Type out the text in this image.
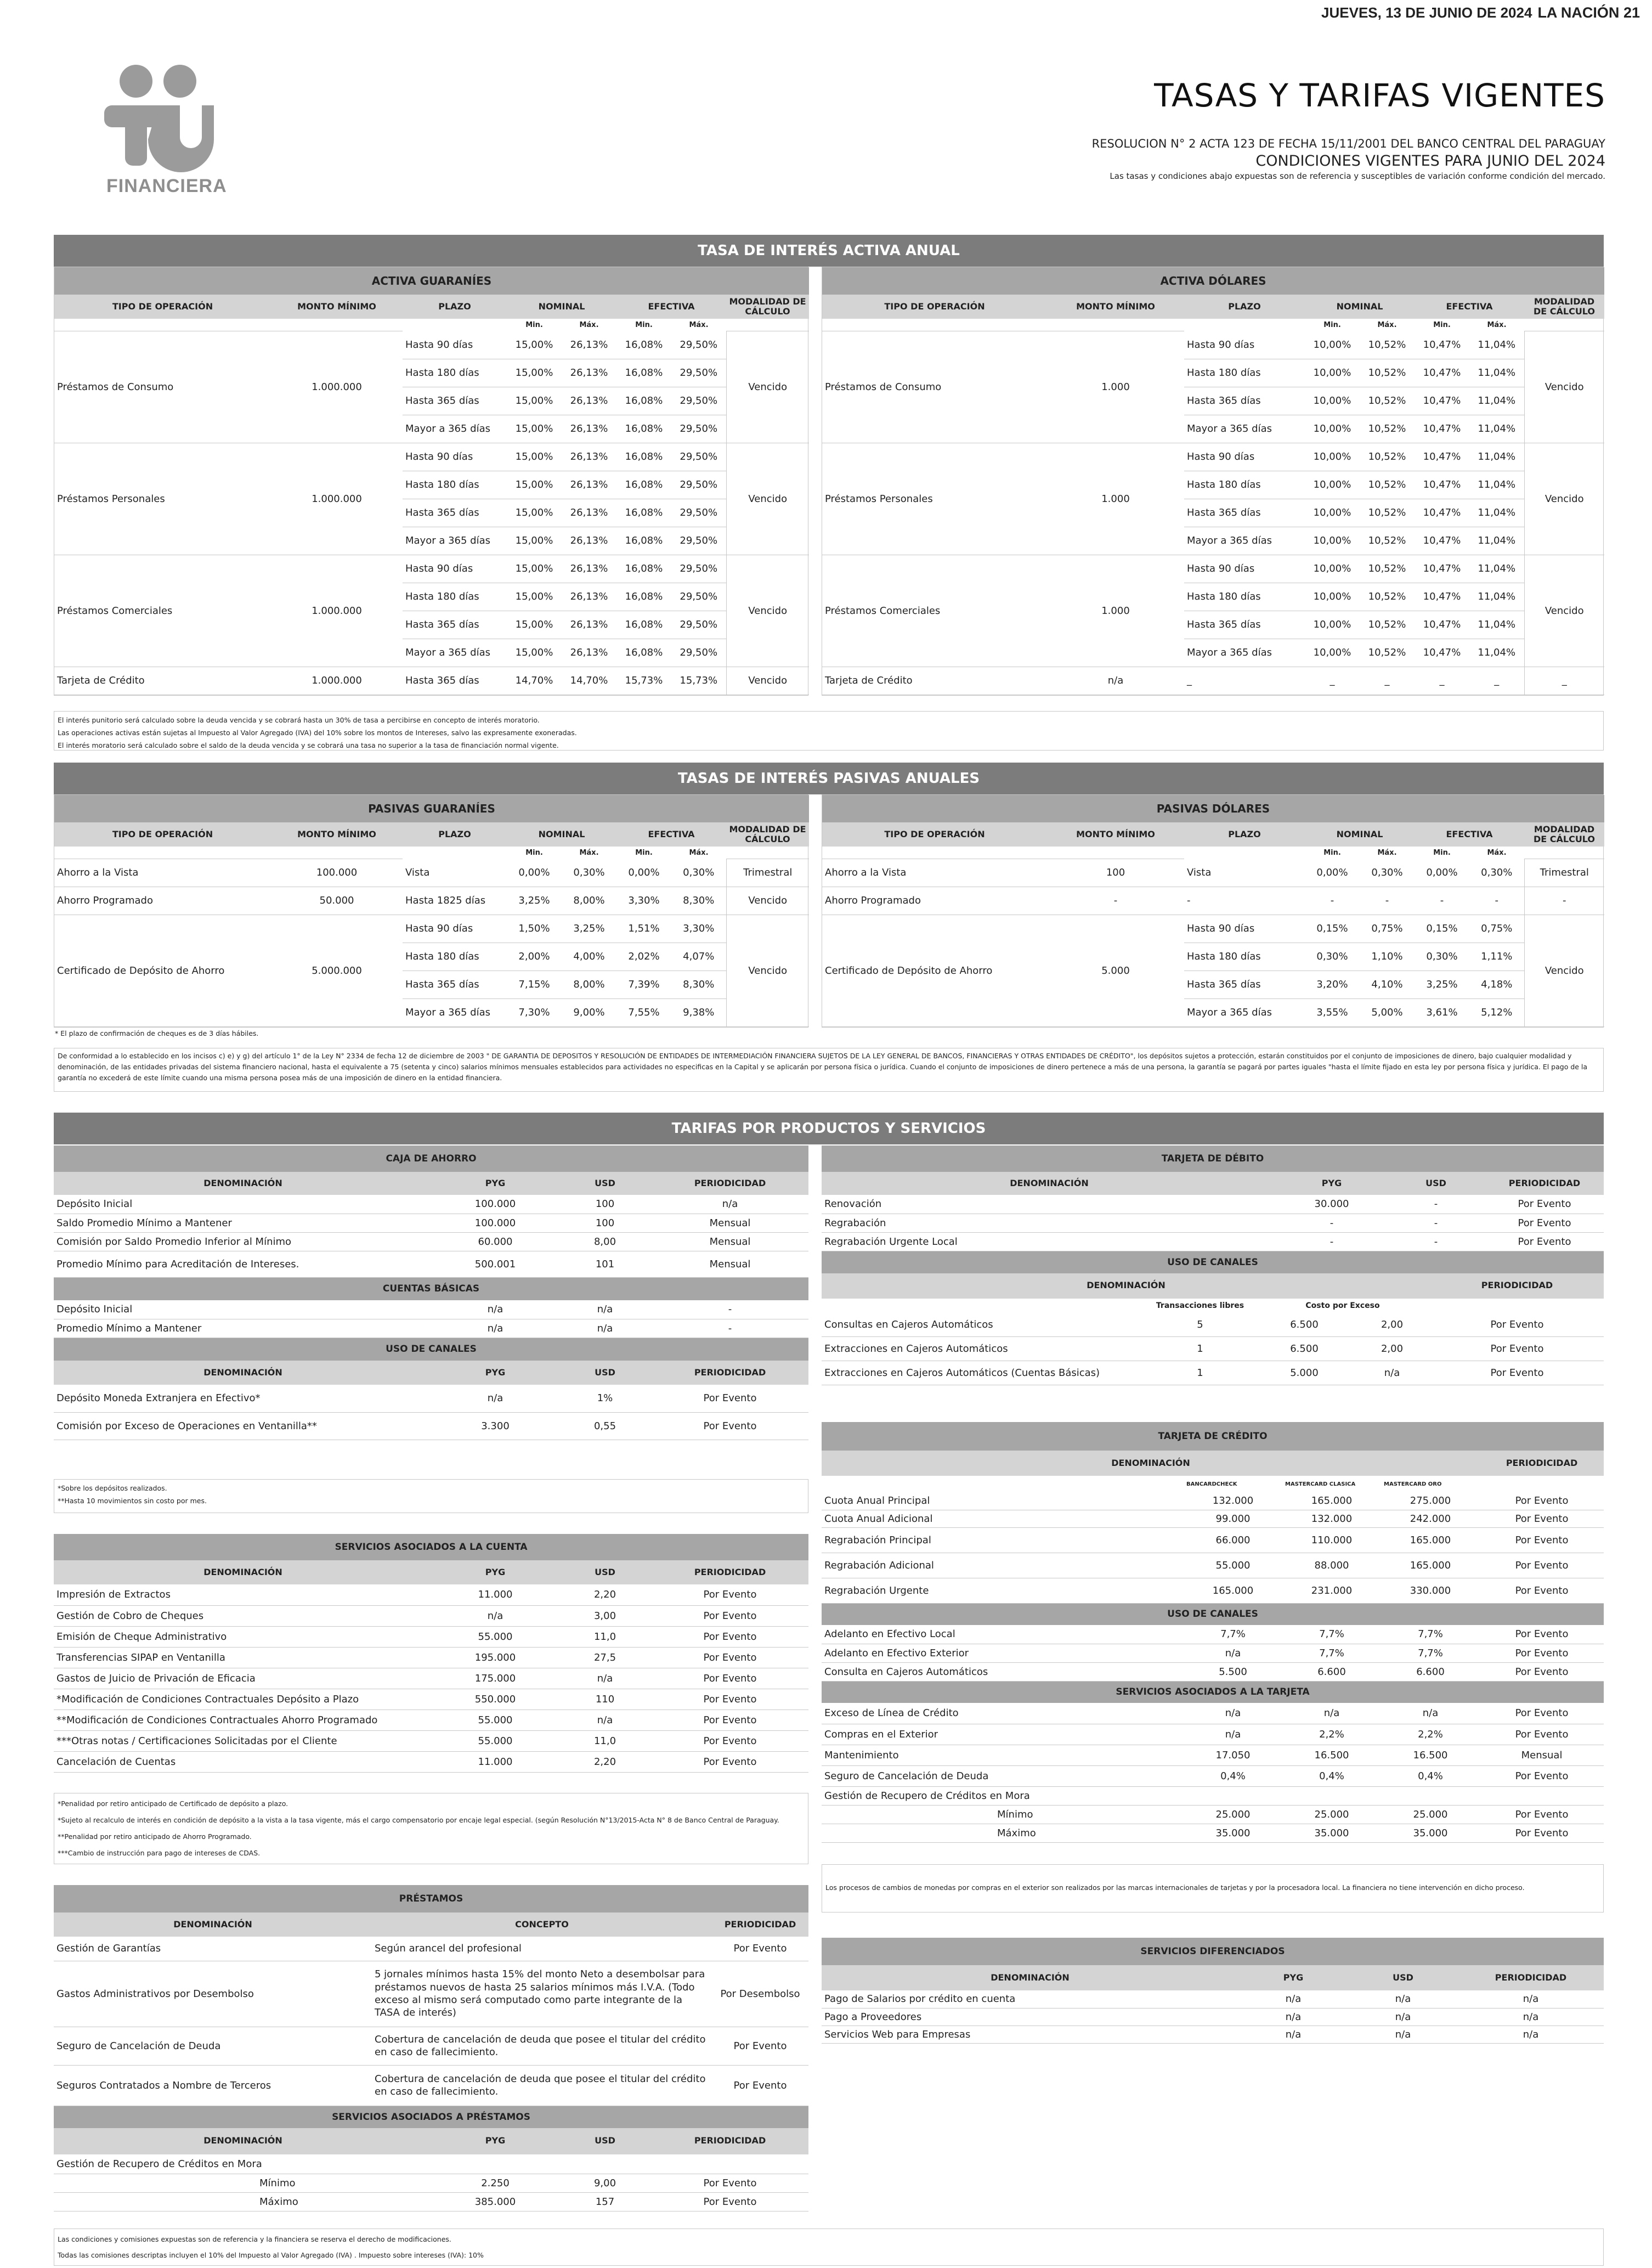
JUEVES, 13 DE JUNIO DE 2024 LA NACIÓN 21
FINANCIERA
TASAS Y TARIFAS VIGENTES
RESOLUCION N° 2 ACTA 123 DE FECHA 15/11/2001 DEL BANCO CENTRAL DEL PARAGUAY
CONDICIONES VIGENTES PARA JUNIO DEL 2024
Las tasas y condiciones abajo expuestas son de referencia y susceptibles de variación conforme condición del mercado.
TASA DE INTERÉS ACTIVA ANUAL
ACTIVA GUARANÍES							
TIPO DE OPERACIÓN	MONTO MÍNIMO	PLAZO	NOMINAL		EFECTIVA		MODALIDAD DE CÁLCULO
			Min.	Máx.	Min.	Máx.	
Préstamos de Consumo	1.000.000	Hasta 90 días	15,00%	26,13%	16,08%	29,50%	Vencido
		Hasta 180 días	15,00%	26,13%	16,08%	29,50%	
		Hasta 365 días	15,00%	26,13%	16,08%	29,50%	
		Mayor a 365 días	15,00%	26,13%	16,08%	29,50%	
Préstamos Personales	1.000.000	Hasta 90 días	15,00%	26,13%	16,08%	29,50%	Vencido
		Hasta 180 días	15,00%	26,13%	16,08%	29,50%	
		Hasta 365 días	15,00%	26,13%	16,08%	29,50%	
		Mayor a 365 días	15,00%	26,13%	16,08%	29,50%	
Préstamos Comerciales	1.000.000	Hasta 90 días	15,00%	26,13%	16,08%	29,50%	Vencido
		Hasta 180 días	15,00%	26,13%	16,08%	29,50%	
		Hasta 365 días	15,00%	26,13%	16,08%	29,50%	
		Mayor a 365 días	15,00%	26,13%	16,08%	29,50%	
Tarjeta de Crédito	1.000.000	Hasta 365 días	14,70%	14,70%	15,73%	15,73%	Vencido
ACTIVA DÓLARES							
TIPO DE OPERACIÓN	MONTO MÍNIMO	PLAZO	NOMINAL		EFECTIVA		MODALIDAD DE CÁLCULO
			Min.	Máx.	Min.	Máx.	
Préstamos de Consumo	1.000	Hasta 90 días	10,00%	10,52%	10,47%	11,04%	Vencido
		Hasta 180 días	10,00%	10,52%	10,47%	11,04%	
		Hasta 365 días	10,00%	10,52%	10,47%	11,04%	
		Mayor a 365 días	10,00%	10,52%	10,47%	11,04%	
Préstamos Personales	1.000	Hasta 90 días	10,00%	10,52%	10,47%	11,04%	Vencido
		Hasta 180 días	10,00%	10,52%	10,47%	11,04%	
		Hasta 365 días	10,00%	10,52%	10,47%	11,04%	
		Mayor a 365 días	10,00%	10,52%	10,47%	11,04%	
Préstamos Comerciales	1.000	Hasta 90 días	10,00%	10,52%	10,47%	11,04%	Vencido
		Hasta 180 días	10,00%	10,52%	10,47%	11,04%	
		Hasta 365 días	10,00%	10,52%	10,47%	11,04%	
		Mayor a 365 días	10,00%	10,52%	10,47%	11,04%	
Tarjeta de Crédito	n/a	_	_	_	_	_	_
El interés punitorio será calculado sobre la deuda vencida y se cobrará hasta un 30% de tasa a percibirse en concepto de interés moratorio.
Las operaciones activas están sujetas al Impuesto al Valor Agregado (IVA) del 10% sobre los montos de Intereses, salvo las expresamente exoneradas.
El interés moratorio será calculado sobre el saldo de la deuda vencida y se cobrará una tasa no superior a la tasa de financiación normal vigente.
TASAS DE INTERÉS PASIVAS ANUALES
PASIVAS GUARANÍES							
TIPO DE OPERACIÓN	MONTO MÍNIMO	PLAZO	NOMINAL		EFECTIVA		MODALIDAD DE CÁLCULO
			Min.	Máx.	Min.	Máx.	
Ahorro a la Vista	100.000	Vista	0,00%	0,30%	0,00%	0,30%	Trimestral
Ahorro Programado	50.000	Hasta 1825 días	3,25%	8,00%	3,30%	8,30%	Vencido
Certificado de Depósito de Ahorro	5.000.000	Hasta 90 días	1,50%	3,25%	1,51%	3,30%	Vencido
		Hasta 180 días	2,00%	4,00%	2,02%	4,07%	
		Hasta 365 días	7,15%	8,00%	7,39%	8,30%	
		Mayor a 365 días	7,30%	9,00%	7,55%	9,38%	
PASIVAS DÓLARES							
TIPO DE OPERACIÓN	MONTO MÍNIMO	PLAZO	NOMINAL		EFECTIVA		MODALIDAD DE CÁLCULO
			Min.	Máx.	Min.	Máx.	
Ahorro a la Vista	100	Vista	0,00%	0,30%	0,00%	0,30%	Trimestral
Ahorro Programado	-	-	-	-	-	-	-
Certificado de Depósito de Ahorro	5.000	Hasta 90 días	0,15%	0,75%	0,15%	0,75%	Vencido
		Hasta 180 días	0,30%	1,10%	0,30%	1,11%	
		Hasta 365 días	3,20%	4,10%	3,25%	4,18%	
		Mayor a 365 días	3,55%	5,00%	3,61%	5,12%	
* El plazo de confirmación de cheques es de 3 días hábiles.
De conformidad a lo establecido en los incisos c) e) y g) del artículo 1° de la Ley N° 2334 de fecha 12 de diciembre de 2003 " DE GARANTIA DE DEPOSITOS Y RESOLUCIÓN DE ENTIDADES DE INTERMEDIACIÓN FINANCIERA SUJETOS DE LA LEY GENERAL DE BANCOS, FINANCIERAS Y OTRAS ENTIDADES DE CRÉDITO", los depósitos sujetos a protección, estarán constituidos por el conjunto de imposiciones de dinero, bajo cualquier modalidad y denominación, de las entidades privadas del sistema financiero nacional, hasta el equivalente a 75 (setenta y cinco) salarios mínimos mensuales establecidos para actividades no especificas en la Capital y se aplicarán por persona física o jurídica. Cuando el conjunto de imposiciones de dinero pertenece a más de una persona, la garantía se pagará por partes iguales "hasta el límite fijado en esta ley por persona física y jurídica. El pago de la garantía no excederá de este límite cuando una misma persona posea más de una imposición de dinero en la entidad financiera.
TARIFAS POR PRODUCTOS Y SERVICIOS
CAJA DE AHORRO			
DENOMINACIÓN	PYG	USD	PERIODICIDAD
Depósito Inicial	100.000	100	n/a
Saldo Promedio Mínimo a Mantener	100.000	100	Mensual
Comisión por Saldo Promedio Inferior al Mínimo	60.000	8,00	Mensual
Promedio Mínimo para Acreditación de Intereses.	500.001	101	Mensual
CUENTAS BÁSICAS			
Depósito Inicial	n/a	n/a	-
Promedio Mínimo a Mantener	n/a	n/a	-
USO DE CANALES			
DENOMINACIÓN	PYG	USD	PERIODICIDAD
Depósito Moneda Extranjera en Efectivo*	n/a	1%	Por Evento
Comisión por Exceso de Operaciones en Ventanilla**	3.300	0,55	Por Evento
*Sobre los depósitos realizados.
**Hasta 10 movimientos sin costo por mes.
SERVICIOS ASOCIADOS A LA CUENTA			
DENOMINACIÓN	PYG	USD	PERIODICIDAD
Impresión de Extractos	11.000	2,20	Por Evento
Gestión de Cobro de Cheques	n/a	3,00	Por Evento
Emisión de Cheque Administrativo	55.000	11,0	Por Evento
Transferencias SIPAP en Ventanilla	195.000	27,5	Por Evento
Gastos de Juicio de Privación de Eficacia	175.000	n/a	Por Evento
*Modificación de Condiciones Contractuales Depósito a Plazo	550.000	110	Por Evento
**Modificación de Condiciones Contractuales Ahorro Programado	55.000	n/a	Por Evento
***Otras notas / Certificaciones Solicitadas por el Cliente	55.000	11,0	Por Evento
Cancelación de Cuentas	11.000	2,20	Por Evento
*Penalidad por retiro anticipado de Certificado de depósito a plazo.
*Sujeto al recalculo de interés en condición de depósito a la vista a la tasa vigente, más el cargo compensatorio por encaje legal especial. (según Resolución N°13/2015-Acta N° 8 de Banco Central de Paraguay.
**Penalidad por retiro anticipado de Ahorro Programado.
***Cambio de instrucción para pago de intereses de CDAS.
PRÉSTAMOS		
DENOMINACIÓN	CONCEPTO	PERIODICIDAD
Gestión de Garantías	Según arancel del profesional	Por Evento
Gastos Administrativos por Desembolso	5 jornales mínimos hasta 15% del monto Neto a desembolsar para préstamos nuevos de hasta 25 salarios mínimos más I.V.A. (Todo exceso al mismo será computado como parte integrante de la TASA de interés)	Por Desembolso
Seguro de Cancelación de Deuda	Cobertura de cancelación de deuda que posee el titular del crédito en caso de fallecimiento.	Por Evento
Seguros Contratados a Nombre de Terceros	Cobertura de cancelación de deuda que posee el titular del crédito en caso de fallecimiento.	Por Evento
SERVICIOS ASOCIADOS A PRÉSTAMOS			
DENOMINACIÓN	PYG	USD	PERIODICIDAD
Gestión de Recupero de Créditos en Mora			
Mínimo	2.250	9,00	Por Evento
Máximo	385.000	157	Por Evento
Las condiciones y comisiones expuestas son de referencia y la financiera se reserva el derecho de modificaciones.
Todas las comisiones descriptas incluyen el 10% del Impuesto al Valor Agregado (IVA) . Impuesto sobre intereses (IVA): 10%
TARJETA DE DÉBITO			
DENOMINACIÓN	PYG	USD	PERIODICIDAD
Renovación	30.000	-	Por Evento
Regrabación	-	-	Por Evento
Regrabación Urgente Local	-	-	Por Evento
USO DE CANALES				
DENOMINACIÓN				PERIODICIDAD
	Transacciones libres	Costo por Exceso		
Consultas en Cajeros Automáticos	5	6.500	2,00	Por Evento
Extracciones en Cajeros Automáticos	1	6.500	2,00	Por Evento
Extracciones en Cajeros Automáticos (Cuentas Básicas)	1	5.000	n/a	Por Evento
TARJETA DE CRÉDITO				
DENOMINACIÓN				PERIODICIDAD
	BANCARDCHECK	MASTERCARD CLASICA	MASTERCARD ORO	
Cuota Anual Principal	132.000	165.000	275.000	Por Evento
Cuota Anual Adicional	99.000	132.000	242.000	Por Evento
Regrabación Principal	66.000	110.000	165.000	Por Evento
Regrabación Adicional	55.000	88.000	165.000	Por Evento
Regrabación Urgente	165.000	231.000	330.000	Por Evento
USO DE CANALES				
Adelanto en Efectivo Local	7,7%	7,7%	7,7%	Por Evento
Adelanto en Efectivo Exterior	n/a	7,7%	7,7%	Por Evento
Consulta en Cajeros Automáticos	5.500	6.600	6.600	Por Evento
SERVICIOS ASOCIADOS A LA TARJETA				
Exceso de Línea de Crédito	n/a	n/a	n/a	Por Evento
Compras en el Exterior	n/a	2,2%	2,2%	Por Evento
Mantenimiento	17.050	16.500	16.500	Mensual
Seguro de Cancelación de Deuda	0,4%	0,4%	0,4%	Por Evento
Gestión de Recupero de Créditos en Mora				
Mínimo	25.000	25.000	25.000	Por Evento
Máximo	35.000	35.000	35.000	Por Evento
Los procesos de cambios de monedas por compras en el exterior son realizados por las marcas internacionales de tarjetas y por la procesadora local. La financiera no tiene intervención en dicho proceso.
SERVICIOS DIFERENCIADOS			
DENOMINACIÓN	PYG	USD	PERIODICIDAD
Pago de Salarios por crédito en cuenta	n/a	n/a	n/a
Pago a Proveedores	n/a	n/a	n/a
Servicios Web para Empresas	n/a	n/a	n/a
